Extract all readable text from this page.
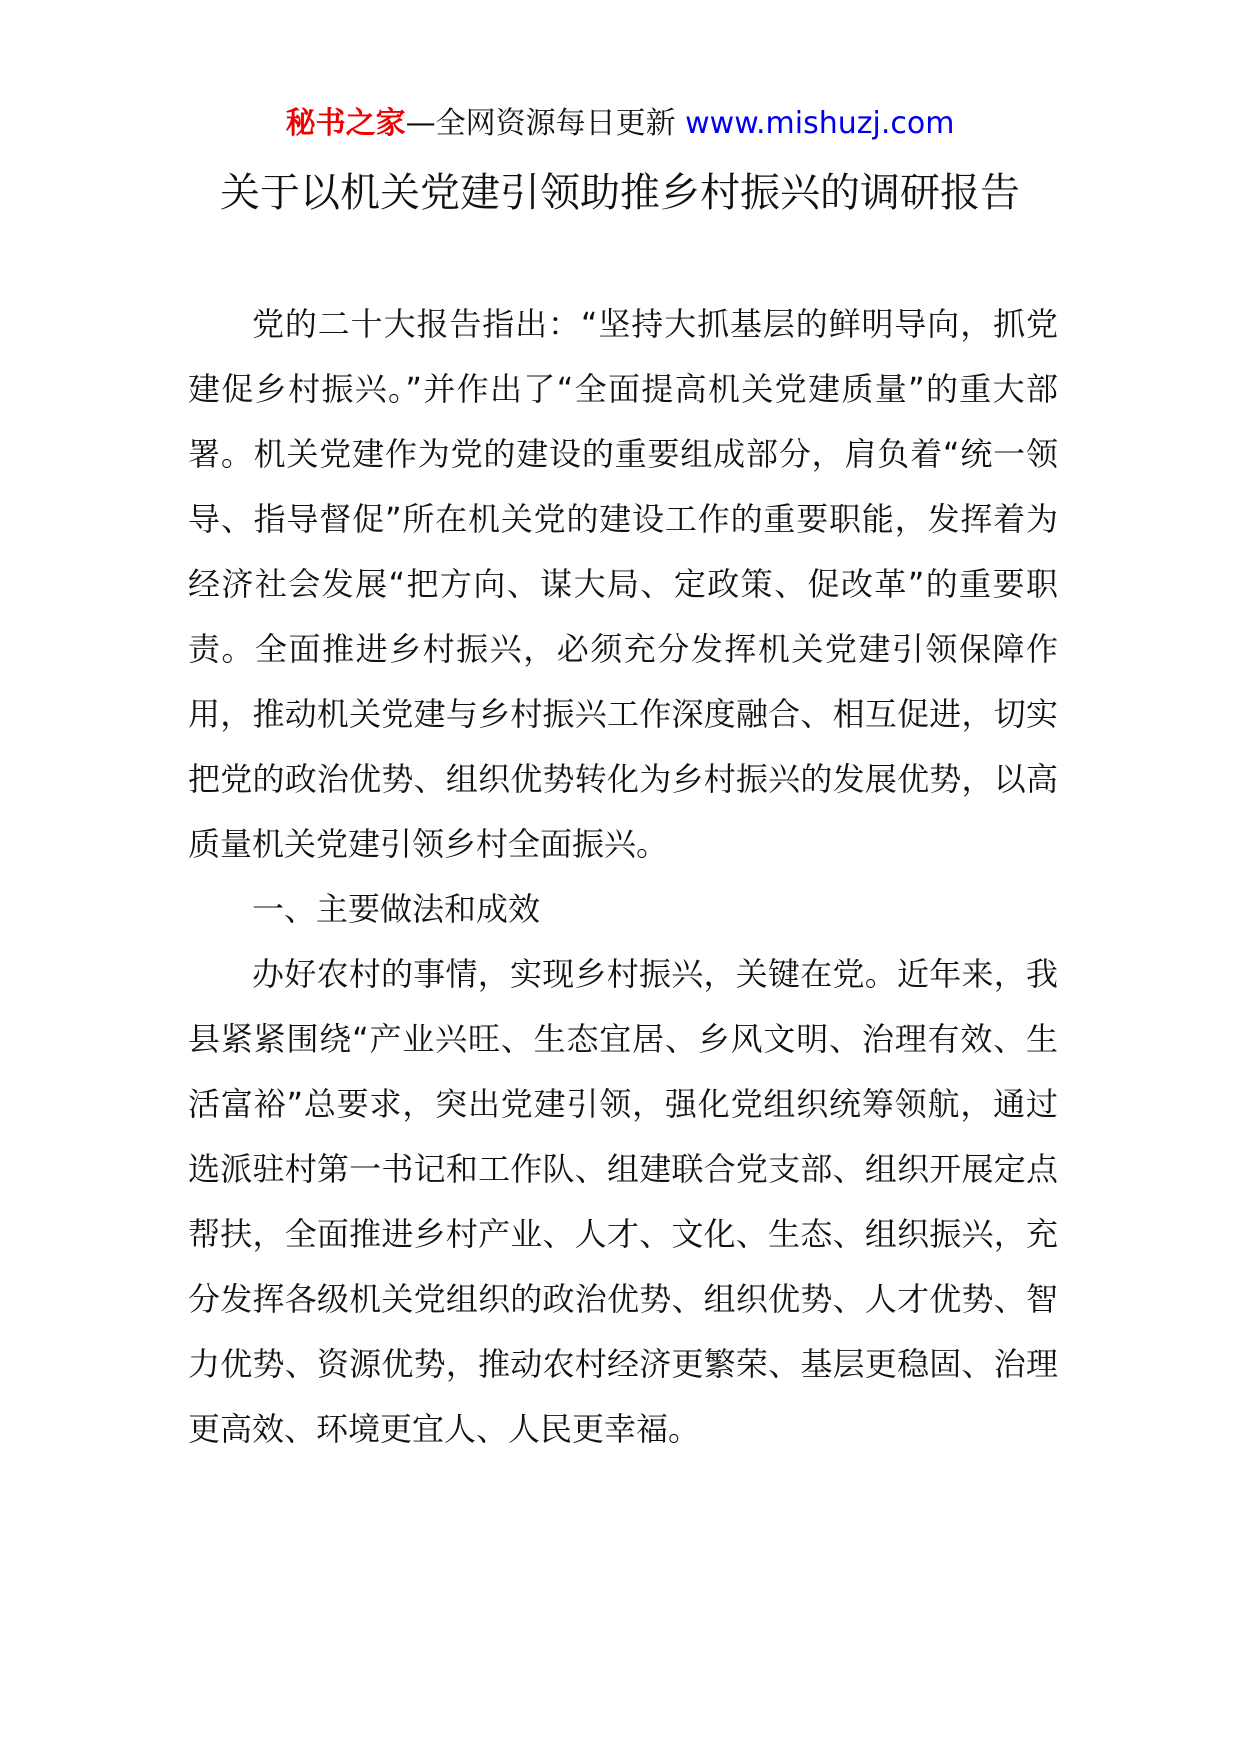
秘书之家—全网资源每日更新 www.mishuzj.com
关于以机关党建引领助推乡村振兴的调研报告

党的二十大报告指出：“坚持大抓基层的鲜明导向，抓党建促乡村振兴。”并作出了“全面提高机关党建质量”的重大部署。机关党建作为党的建设的重要组成部分，肩负着“统一领导、指导督促”所在机关党的建设工作的重要职能，发挥着为经济社会发展“把方向、谋大局、定政策、促改革”的重要职责。全面推进乡村振兴，必须充分发挥机关党建引领保障作用，推动机关党建与乡村振兴工作深度融合、相互促进，切实把党的政治优势、组织优势转化为乡村振兴的发展优势，以高质量机关党建引领乡村全面振兴。

一、主要做法和成效

办好农村的事情，实现乡村振兴，关键在党。近年来，我县紧紧围绕“产业兴旺、生态宜居、乡风文明、治理有效、生活富裕”总要求，突出党建引领，强化党组织统筹领航，通过选派驻村第一书记和工作队、组建联合党支部、组织开展定点帮扶，全面推进乡村产业、人才、文化、生态、组织振兴，充分发挥各级机关党组织的政治优势、组织优势、人才优势、智力优势、资源优势，推动农村经济更繁荣、基层更稳固、治理更高效、环境更宜人、人民更幸福。
